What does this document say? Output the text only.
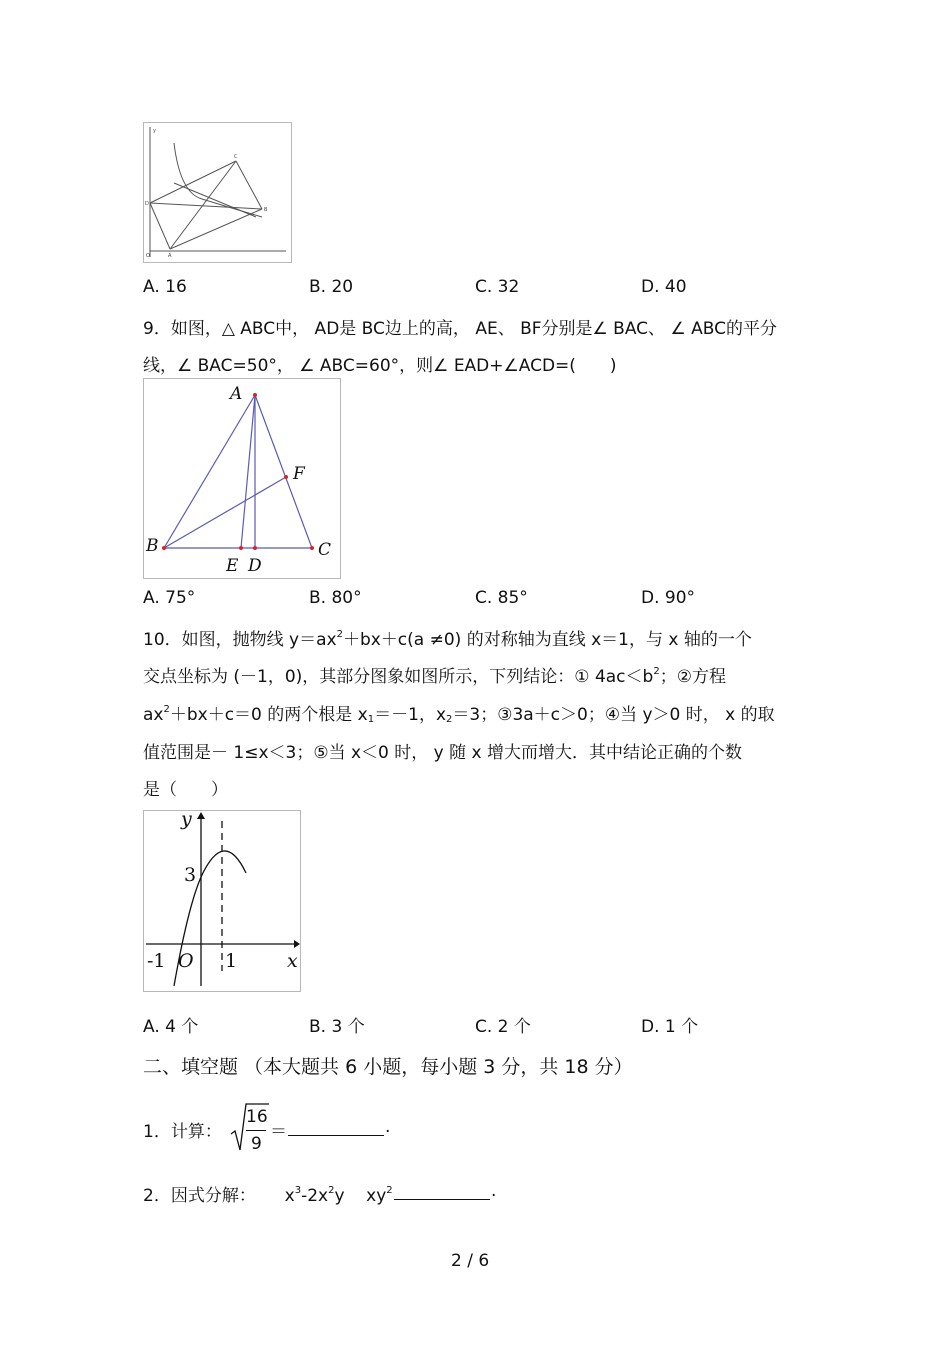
y
C
D
B
O	A
A. 16	B. 20	C. 32	D. 40
9．如图，△ ABC中， AD是 BC边上的高， AE、 BF分别是∠ BAC、 ∠ ABC的平分
线，∠ BAC=50°， ∠ ABC=60°，则∠ EAD+∠ACD=(　　)
A
B	C
E D
F
A. 75°	B. 80°	C. 85°	D. 90°
10．如图，抛物线 $y=ax^2+bx+c(a \ne 0)$ 的对称轴为直线 x＝1，与 x 轴的一个
交点坐标为 (－1，0)，其部分图象如图所示，下列结论：① $4ac<b^2$；②方程
$ax^2+bx+c=0$ 的两个根是 $x_1=-1$，$x_2=3$；③3a＋c＞0；④当 y＞0 时， x 的取
值范围是－ 1≤x＜3；⑤当 x＜0 时， y 随 x 增大而增大．其中结论正确的个数
是（　　）
y
3
-1 O 1	x
A. 4 个	B. 3 个	C. 2 个	D. 1 个
二、填空题 （本大题共 6 小题，每小题 3 分，共 18 分）
1．计算：
16
9
＝	.
2．因式分解： $x^3-2x^2y$    $xy^2$	.
2 / 6
